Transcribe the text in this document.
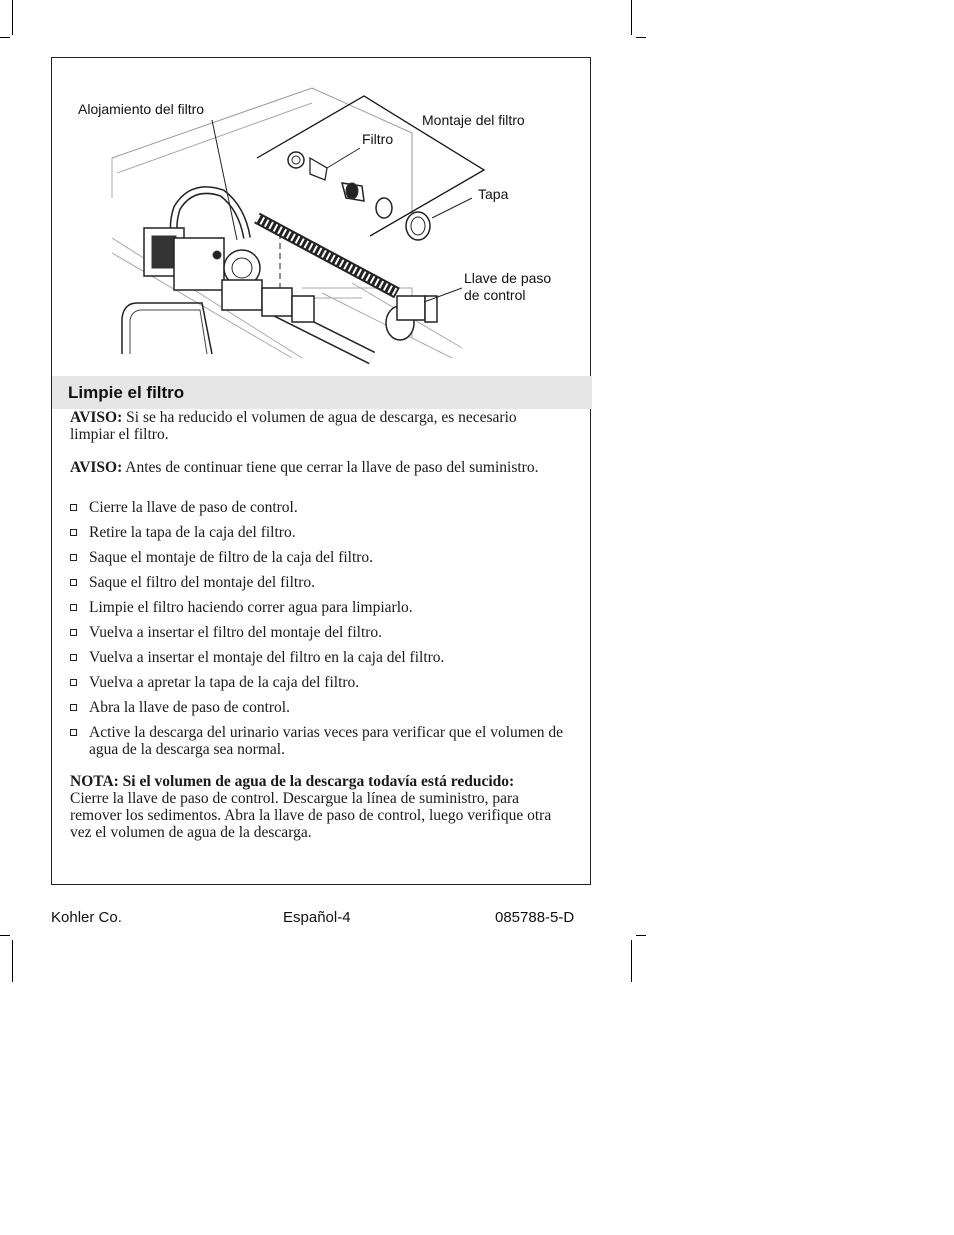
Alojamiento del filtro
Filtro
Montaje del filtro
Tapa
Llave de paso
de control
Limpie el filtro
AVISO: Si se ha reducido el volumen de agua de descarga, es necesario limpiar el filtro.
AVISO: Antes de continuar tiene que cerrar la llave de paso del suministro.
Cierre la llave de paso de control.
Retire la tapa de la caja del filtro.
Saque el montaje de filtro de la caja del filtro.
Saque el filtro del montaje del filtro.
Limpie el filtro haciendo correr agua para limpiarlo.
Vuelva a insertar el filtro del montaje del filtro.
Vuelva a insertar el montaje del filtro en la caja del filtro.
Vuelva a apretar la tapa de la caja del filtro.
Abra la llave de paso de control.
Active la descarga del urinario varias veces para verificar que el volumen de agua de la descarga sea normal.
NOTA: Si el volumen de agua de la descarga todavía está reducido: Cierre la llave de paso de control. Descargue la línea de suministro, para remover los sedimentos. Abra la llave de paso de control, luego verifique otra vez el volumen de agua de la descarga.
Kohler Co.	Español-4	085788-5-D
